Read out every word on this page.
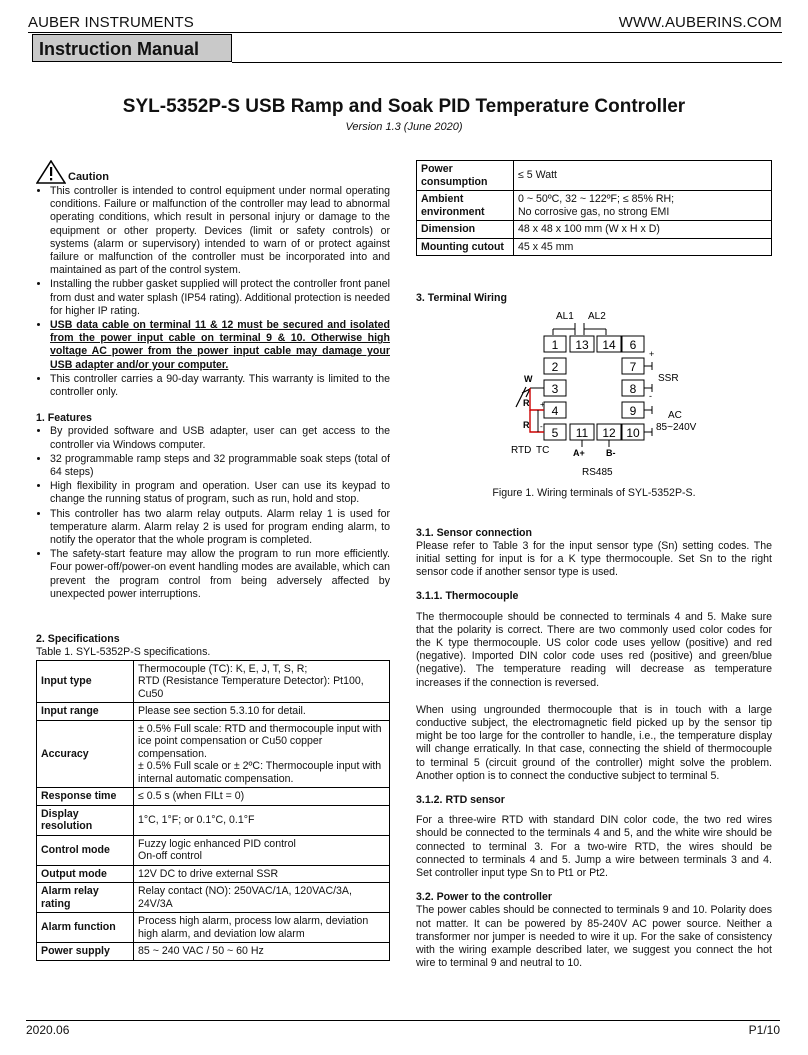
AUBER INSTRUMENTS	WWW.AUBERINS.COM
Instruction Manual
SYL-5352P-S USB Ramp and Soak PID Temperature Controller
Version 1.3 (June 2020)
Caution
• This controller is intended to control equipment under normal operating conditions. Failure or malfunction of the controller may lead to abnormal operating conditions, which result in personal injury or damage to the equipment or other property. Devices (limit or safety controls) or systems (alarm or supervisory) intended to warn of or protect against failure or malfunction of the controller must be incorporated into and maintained as part of the control system.
• Installing the rubber gasket supplied will protect the controller front panel from dust and water splash (IP54 rating). Additional protection is needed for higher IP rating.
• USB data cable on terminal 11 & 12 must be secured and isolated from the power input cable on terminal 9 & 10. Otherwise high voltage AC power from the power input cable may damage your USB adapter and/or your computer.
• This controller carries a 90-day warranty. This warranty is limited to the controller only.
1. Features
• By provided software and USB adapter, user can get access to the controller via Windows computer.
• 32 programmable ramp steps and 32 programmable soak steps (total of 64 steps)
• High flexibility in program and operation. User can use its keypad to change the running status of program, such as run, hold and stop.
• This controller has two alarm relay outputs. Alarm relay 1 is used for temperature alarm. Alarm relay 2 is used for program ending alarm, to notify the operator that the whole program is completed.
• The safety-start feature may allow the program to run more efficiently. Four power-off/power-on event handling modes are available, which can prevent the program control from being adversely affected by unexpected power interruptions.
2. Specifications
Table 1. SYL-5352P-S specifications.
Input type	Thermocouple (TC): K, E, J, T, S, R;
RTD (Resistance Temperature Detector): Pt100, Cu50
Input range	Please see section 5.3.10 for detail.
Accuracy	± 0.5% Full scale: RTD and thermocouple input with ice point compensation or Cu50 copper compensation.
± 0.5% Full scale or ± 2ºC: Thermocouple input with internal automatic compensation.
Response time	≤ 0.5 s (when FILt = 0)
Display resolution	1°C, 1°F; or 0.1°C, 0.1°F
Control mode	Fuzzy logic enhanced PID control
On-off control
Output mode	12V DC to drive external SSR
Alarm relay rating	Relay contact (NO): 250VAC/1A, 120VAC/3A, 24V/3A
Alarm function	Process high alarm, process low alarm, deviation high alarm, and deviation low alarm
Power supply	85 ~ 240 VAC / 50 ~ 60 Hz
Power consumption	≤ 5 Watt
Ambient environment	0 ~ 50ºC, 32 ~ 122ºF; ≤ 85% RH;
No corrosive gas, no strong EMI
Dimension	48 x 48 x 100 mm (W x H x D)
Mounting cutout	45 x 45 mm
3. Terminal Wiring
AL1 AL2
1 13 14 6
2	7
3	8
4	9
5 11 12 10
+
-
SSR
AC
85~240V
W
R
R
+
-
RTD TC	A+ B-
RS485
Figure 1. Wiring terminals of SYL-5352P-S.
3.1. Sensor connection

Please refer to Table 3 for the input sensor type (Sn) setting codes. The initial setting for input is for a K type thermocouple. Set Sn to the right sensor code if another sensor type is used.

3.1.1. Thermocouple

The thermocouple should be connected to terminals 4 and 5. Make sure that the polarity is correct. There are two commonly used color codes for the K type thermocouple. US color code uses yellow (positive) and red (negative). Imported DIN color code uses red (positive) and green/blue (negative). The temperature reading will decrease as temperature increases if the connection is reversed.

When using ungrounded thermocouple that is in touch with a large conductive subject, the electromagnetic field picked up by the sensor tip might be too large for the controller to handle, i.e., the temperature display will change erratically. In that case, connecting the shield of thermocouple to terminal 5 (circuit ground of the controller) might solve the problem. Another option is to connect the conductive subject to terminal 5.

3.1.2. RTD sensor

For a three-wire RTD with standard DIN color code, the two red wires should be connected to the terminals 4 and 5, and the white wire should be connected to terminal 3. For a two-wire RTD, the wires should be connected to terminals 4 and 5. Jump a wire between terminals 3 and 4. Set controller input type Sn to Pt1 or Pt2.

3.2. Power to the controller

The power cables should be connected to terminals 9 and 10. Polarity does not matter. It can be powered by 85-240V AC power source. Neither a transformer nor jumper is needed to wire it up. For the sake of consistency with the wiring example described later, we suggest you connect the hot wire to terminal 9 and neutral to 10.

2020.06	P1/10
